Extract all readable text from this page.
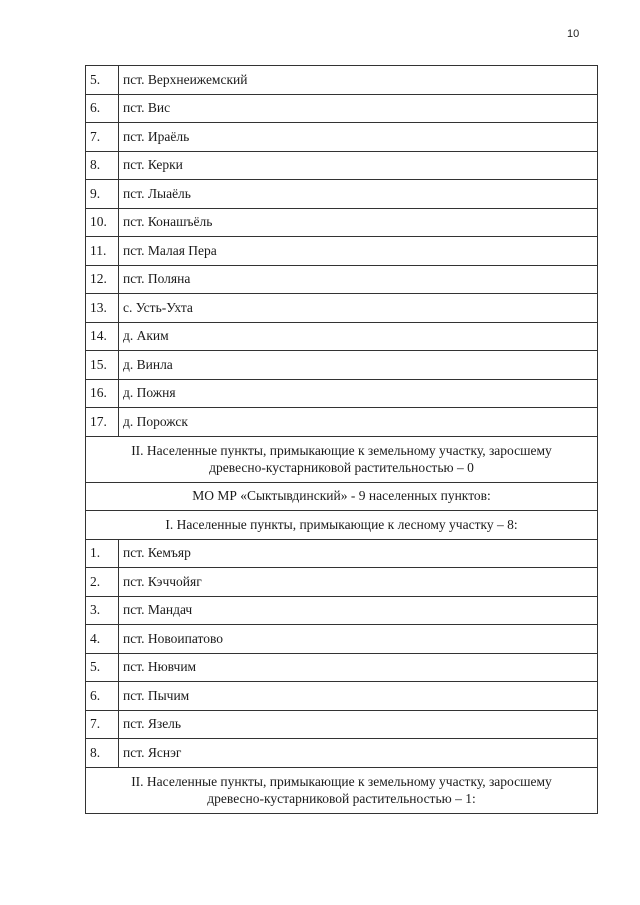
10
5.	пст. Верхнеижемский
6.	пст. Вис
7.	пст. Ираёль
8.	пст. Керки
9.	пст. Лыаёль
10.	пст. Конашъёль
11.	пст. Малая Пера
12.	пст. Поляна
13.	с. Усть-Ухта
14.	д. Аким
15.	д. Винла
16.	д. Пожня
17.	д. Порожск

II. Населенные пункты, примыкающие к земельному участку, заросшему
древесно-кустарниковой растительностью – 0	

МО МР «Сыктывдинский» - 9 населенных пунктов:	

I. Населенные пункты, примыкающие к лесному участку – 8:	

1.	пст. Кемъяр
2.	пст. Кэччойяг
3.	пст. Мандач
4.	пст. Новоипатово
5.	пст. Нювчим
6.	пст. Пычим
7.	пст. Язель
8.	пст. Яснэг

II. Населенные пункты, примыкающие к земельному участку, заросшему
древесно-кустарниковой растительностью – 1:	
